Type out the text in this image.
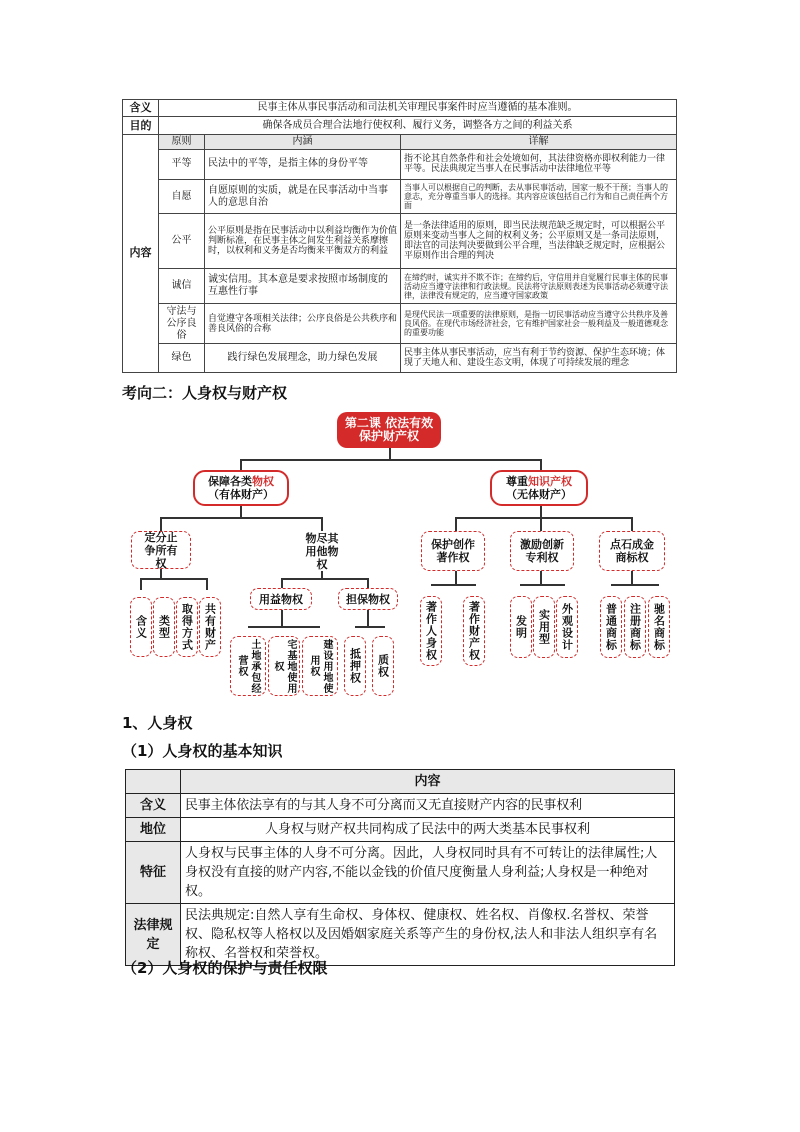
含义	民事主体从事民事活动和司法机关审理民事案件时应当遵循的基本准则。		
目的	确保各成员合理合法地行使权利、履行义务，调整各方之间的利益关系		
内容	原则	内涵	详解
	平等	民法中的平等，是指主体的身份平等	指不论其自然条件和社会处境如何，其法律资格亦即权利能力一律平等。民法典规定当事人在民事活动中法律地位平等
	自愿	自愿原则的实质，就是在民事活动中当事人的意思自治	当事人可以根据自己的判断，去从事民事活动，国家一般不干预；当事人的意志，充分尊重当事人的选择。其内容应该包括自己行为和自己责任两个方面
	公平	公平原则是指在民事活动中以利益均衡作为价值判断标准，在民事主体之间发生利益关系摩擦时，以权利和义务是否均衡来平衡双方的利益	是一条法律适用的原则，即当民法规范缺乏规定时，可以根据公平原则来变动当事人之间的权利义务；公平原则又是一条司法原则，即法官的司法判决要做到公平合理，当法律缺乏规定时，应根据公平原则作出合理的判决
	诚信	诚实信用。其本意是要求按照市场制度的互惠性行事	在缔约时，诚实并不欺不诈；在缔约后，守信用并自觉履行民事主体的民事活动应当遵守法律和行政法规。民法将守法原则表述为民事活动必须遵守法律，法律没有规定的，应当遵守国家政策
	守法与公序良俗	自觉遵守各项相关法律；公序良俗是公共秩序和善良风俗的合称	是现代民法一项重要的法律原则，是指一切民事活动应当遵守公共秩序及善良风俗。在现代市场经济社会，它有维护国家社会一般利益及一般道德观念的重要功能
	绿色	践行绿色发展理念，助力绿色发展	民事主体从事民事活动，应当有利于节约资源、保护生态环境；体现了天地人和、建设生态文明，体现了可持续发展的理念
考向二：人身权与财产权
第二课 依法有效保护财产权
保障各类物权
（有体财产）
尊重知识产权
（无体财产）
定分止争所有权
物尽其用他物权
保护创作著作权
激励创新专利权
点石成金商标权
用益物权	担保物权
含义 类型 取得方式 共有财产
土地承包经营权	宅基地使用权	建设用地使用权	抵押权	质权
著作人身权	著作财产权	发明 实用型 外观设计	普通商标	注册商标	驰名商标
1、人身权
（1）人身权的基本知识
	内容
含义	民事主体依法享有的与其人身不可分离而又无直接财产内容的民事权利
地位	人身权与财产权共同构成了民法中的两大类基本民事权利
特征	人身权与民事主体的人身不可分离。因此，人身权同时具有不可转让的法律属性;人身权没有直接的财产内容,不能以金钱的价值尺度衡量人身利益;人身权是一种绝对权。
法律规定	民法典规定:自然人享有生命权、身体权、健康权、姓名权、肖像权.名誉权、荣誉权、隐私权等人格权以及因婚姻家庭关系等产生的身份权,法人和非法人组织享有名称权、名誉权和荣誉权。
（2）人身权的保护与责任权限
